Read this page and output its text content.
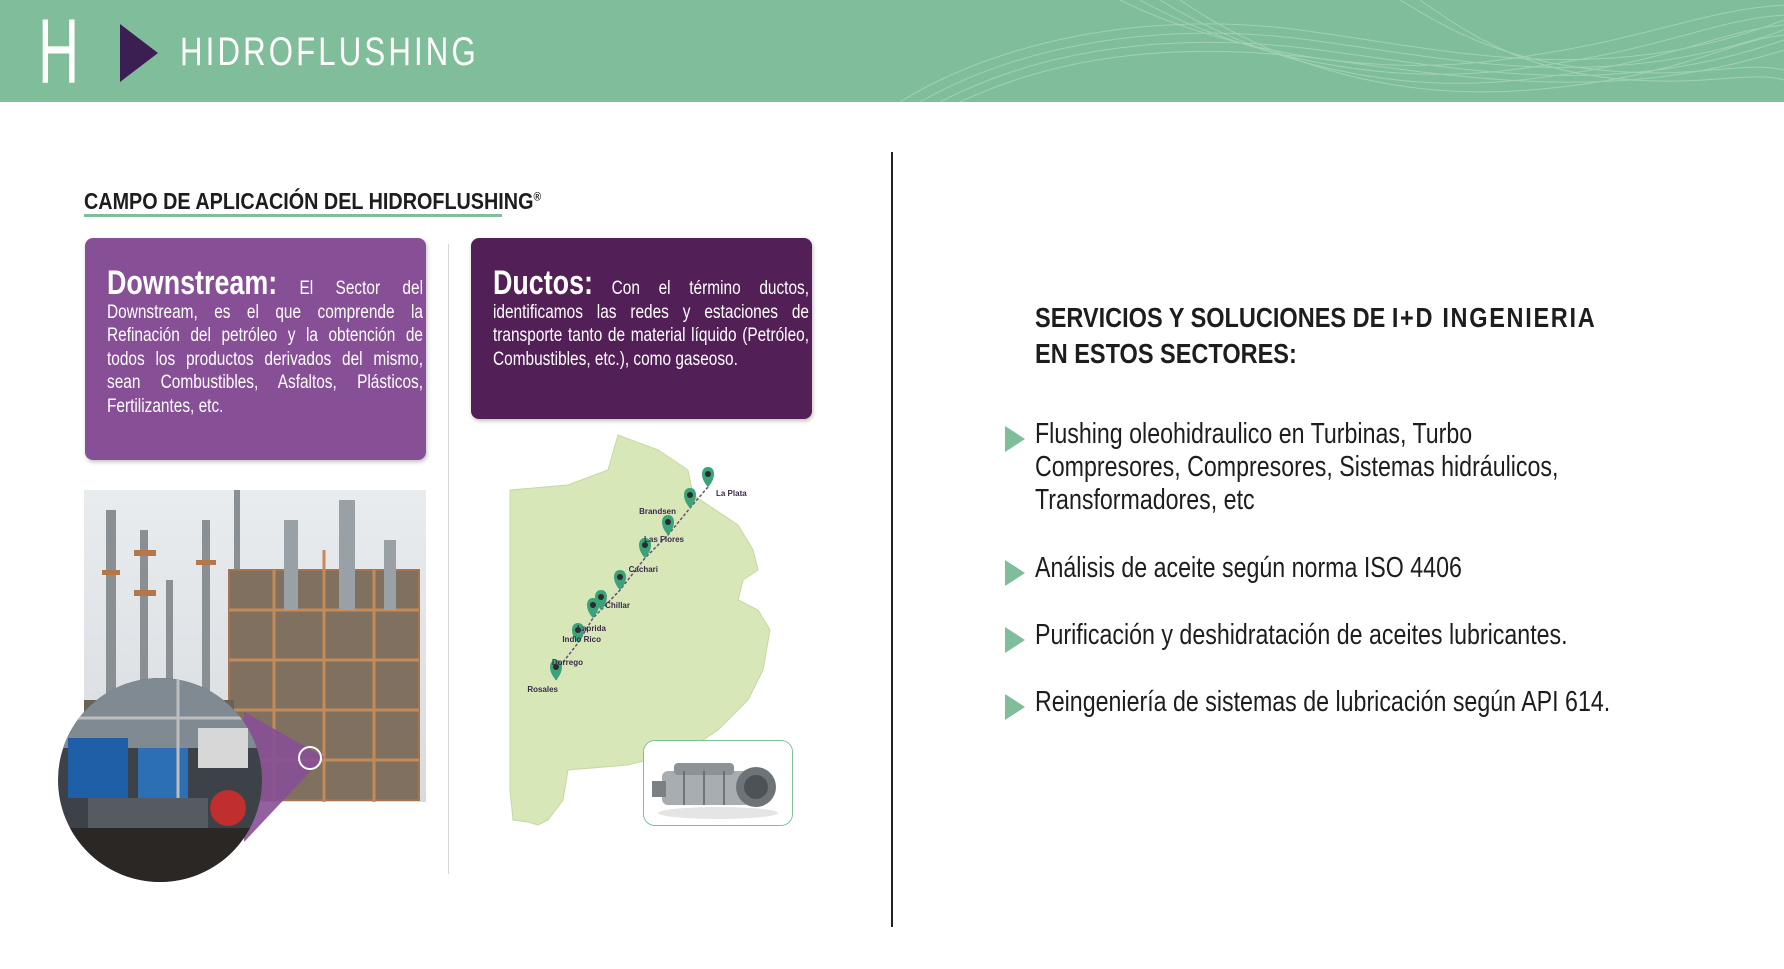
H	HIDROFLUSHING
CAMPO DE APLICACIÓN DEL HIDROFLUSHING®
Downstream: El Sector del Downstream, es el que comprende la Refinación del petróleo y la obtención de todos los productos derivados del mismo, sean Combustibles, Asfaltos, Plásticos, Fertilizantes, etc.
Ductos: Con el término ductos, identificamos las redes y estaciones de transporte tanto de material líquido (Petróleo, Combustibles, etc.), como gaseoso.
La Plata
Brandsen
Las Flores
Cachari
Chillar
Laprida
Indio Rico
Dorrego
Rosales
SERVICIOS Y SOLUCIONES DE I+D INGENIERIA
EN ESTOS SECTORES:
Flushing oleohidraulico en Turbinas, Turbo Compresores, Compresores, Sistemas hidráulicos, Transformadores, etc
Análisis de aceite según norma ISO 4406
Purificación y deshidratación de aceites lubricantes.
Reingeniería de sistemas de lubricación según API 614.
